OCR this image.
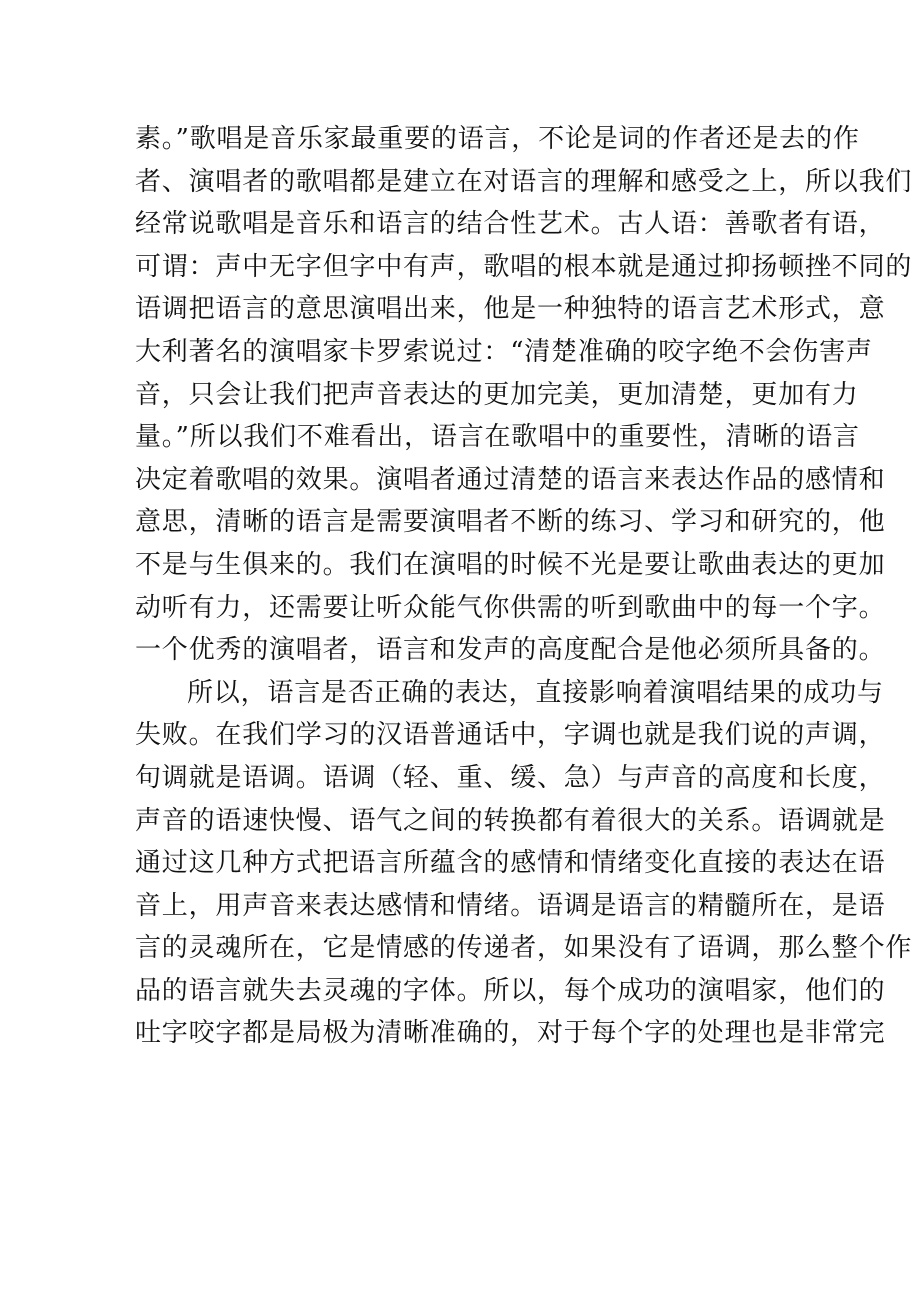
素。”歌唱是音乐家最重要的语言，不论是词的作者还是去的作
者、演唱者的歌唱都是建立在对语言的理解和感受之上，所以我们
经常说歌唱是音乐和语言的结合性艺术。古人语：善歌者有语，
可谓：声中无字但字中有声，歌唱的根本就是通过抑扬顿挫不同的
语调把语言的意思演唱出来，他是一种独特的语言艺术形式，意
大利著名的演唱家卡罗索说过：“清楚准确的咬字绝不会伤害声
音，只会让我们把声音表达的更加完美，更加清楚，更加有力
量。”所以我们不难看出，语言在歌唱中的重要性，清晰的语言
决定着歌唱的效果。演唱者通过清楚的语言来表达作品的感情和
意思，清晰的语言是需要演唱者不断的练习、学习和研究的，他
不是与生俱来的。我们在演唱的时候不光是要让歌曲表达的更加
动听有力，还需要让听众能气你供需的听到歌曲中的每一个字。
一个优秀的演唱者，语言和发声的高度配合是他必须所具备的。
所以，语言是否正确的表达，直接影响着演唱结果的成功与
失败。在我们学习的汉语普通话中，字调也就是我们说的声调，
句调就是语调。语调（轻、重、缓、急）与声音的高度和长度，
声音的语速快慢、语气之间的转换都有着很大的关系。语调就是
通过这几种方式把语言所蕴含的感情和情绪变化直接的表达在语
音上，用声音来表达感情和情绪。语调是语言的精髓所在，是语
言的灵魂所在，它是情感的传递者，如果没有了语调，那么整个作
品的语言就失去灵魂的字体。所以，每个成功的演唱家，他们的
吐字咬字都是局极为清晰准确的，对于每个字的处理也是非常完
